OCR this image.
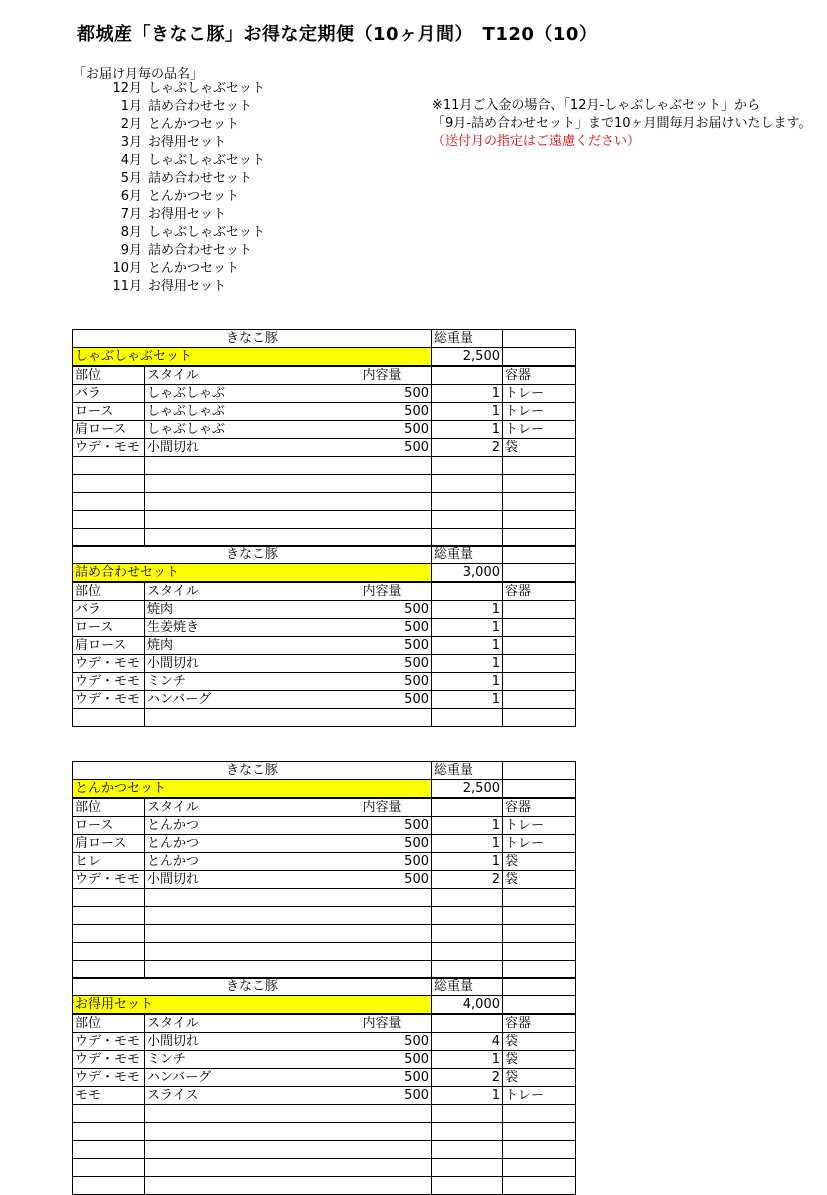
都城産「きなこ豚」お得な定期便（10ヶ月間）　T120（10）
「お届け月毎の品名」
12月 しゃぶしゃぶセット
1月 詰め合わせセット
2月 とんかつセット
3月 お得用セット
4月 しゃぶしゃぶセット
5月 詰め合わせセット
6月 とんかつセット
7月 お得用セット
8月 しゃぶしゃぶセット
9月 詰め合わせセット
10月 とんかつセット
11月 お得用セット
※11月ご入金の場合、「12月-しゃぶしゃぶセット」から
「9月-詰め合わせセット」まで10ヶ月間毎月お届けいたします。
（送付月の指定はご遠慮ください）
きなこ豚			総重量	
しゃぶしゃぶセット			2,500	
部位	スタイル	内容量		容器
バラ	しゃぶしゃぶ	500	1	トレー
ロース	しゃぶしゃぶ	500	1	トレー
肩ロース	しゃぶしゃぶ	500	1	トレー
ウデ・モモ	小間切れ	500	2	袋

きなこ豚			総重量	
詰め合わせセット			3,000	
部位	スタイル	内容量		容器
バラ	焼肉	500	1	
ロース	生姜焼き	500	1	
肩ロース	焼肉	500	1	
ウデ・モモ	小間切れ	500	1	
ウデ・モモ	ミンチ	500	1	
ウデ・モモ	ハンバーグ	500	1	

きなこ豚			総重量	
とんかつセット			2,500	
部位	スタイル	内容量		容器
ロース	とんかつ	500	1	トレー
肩ロース	とんかつ	500	1	トレー
ヒレ	とんかつ	500	1	袋
ウデ・モモ	小間切れ	500	2	袋

きなこ豚			総重量	
お得用セット			4,000	
部位	スタイル	内容量		容器
ウデ・モモ	小間切れ	500	4	袋
ウデ・モモ	ミンチ	500	1	袋
ウデ・モモ	ハンバーグ	500	2	袋
モモ	スライス	500	1	トレー
